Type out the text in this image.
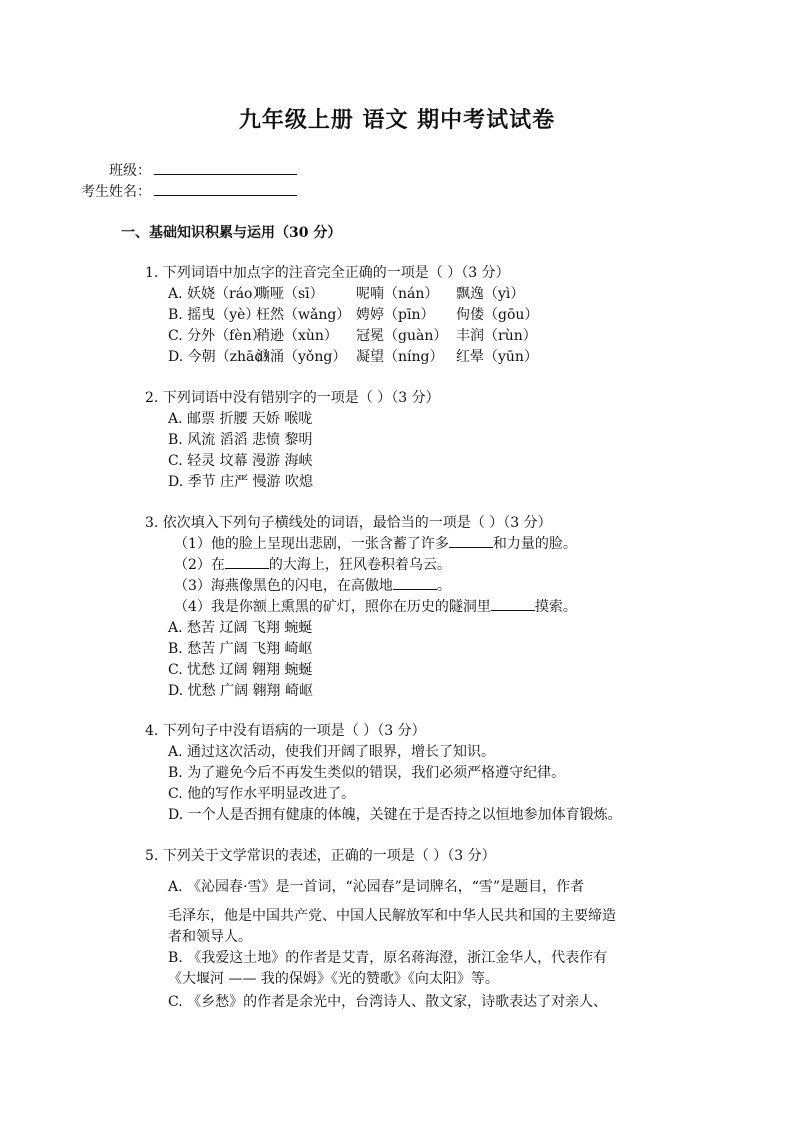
九年级上册 语文 期中考试试卷
班级：
考生姓名：
一、基础知识积累与运用（30 分）
1. 下列词语中加点字的注音完全正确的一项是（ ）（3 分）
A. 妖娆（ráo）嘶哑（sī） 呢喃（nán） 飘逸（yì）
B. 摇曳（yè）枉然（wǎng） 娉婷（pīn） 佝偻（gōu）
C. 分外（fèn）稍逊（xùn） 冠冕（guàn） 丰润（rùn）
D. 今朝（zhāo）汹涌（yǒng） 凝望（níng） 红晕（yūn）
2. 下列词语中没有错别字的一项是（ ）（3 分）
A. 邮票 折腰 天娇 喉咙
B. 风流 滔滔 悲愤 黎明
C. 轻灵 坟幕 漫游 海峡
D. 季节 庄严 慢游 吹熄
3. 依次填入下列句子横线处的词语，最恰当的一项是（ ）（3 分）
（1）他的脸上呈现出悲剧，一张含蓄了许多	和力量的脸。
（2）在	的大海上，狂风卷积着乌云。
（3）海燕像黑色的闪电，在高傲地	。
（4）我是你额上熏黑的矿灯，照你在历史的隧洞里	摸索。
A. 愁苦 辽阔 飞翔 蜿蜒
B. 愁苦 广阔 飞翔 崎岖
C. 忧愁 辽阔 翱翔 蜿蜒
D. 忧愁 广阔 翱翔 崎岖
4. 下列句子中没有语病的一项是（ ）（3 分）
A. 通过这次活动，使我们开阔了眼界，增长了知识。
B. 为了避免今后不再发生类似的错误，我们必须严格遵守纪律。
C. 他的写作水平明显改进了。
D. 一个人是否拥有健康的体魄，关键在于是否持之以恒地参加体育锻炼。
5. 下列关于文学常识的表述，正确的一项是（ ）（3 分）
A. 《沁园春·雪》是一首词，“沁园春”是词牌名，“雪”是题目，作者
毛泽东，他是中国共产党、中国人民解放军和中华人民共和国的主要缔造
者和领导人。
B. 《我爱这土地》的作者是艾青，原名蒋海澄，浙江金华人，代表作有
《大堰河 —— 我的保姆》《光的赞歌》《向太阳》等。
C. 《乡愁》的作者是余光中，台湾诗人、散文家，诗歌表达了对亲人、
